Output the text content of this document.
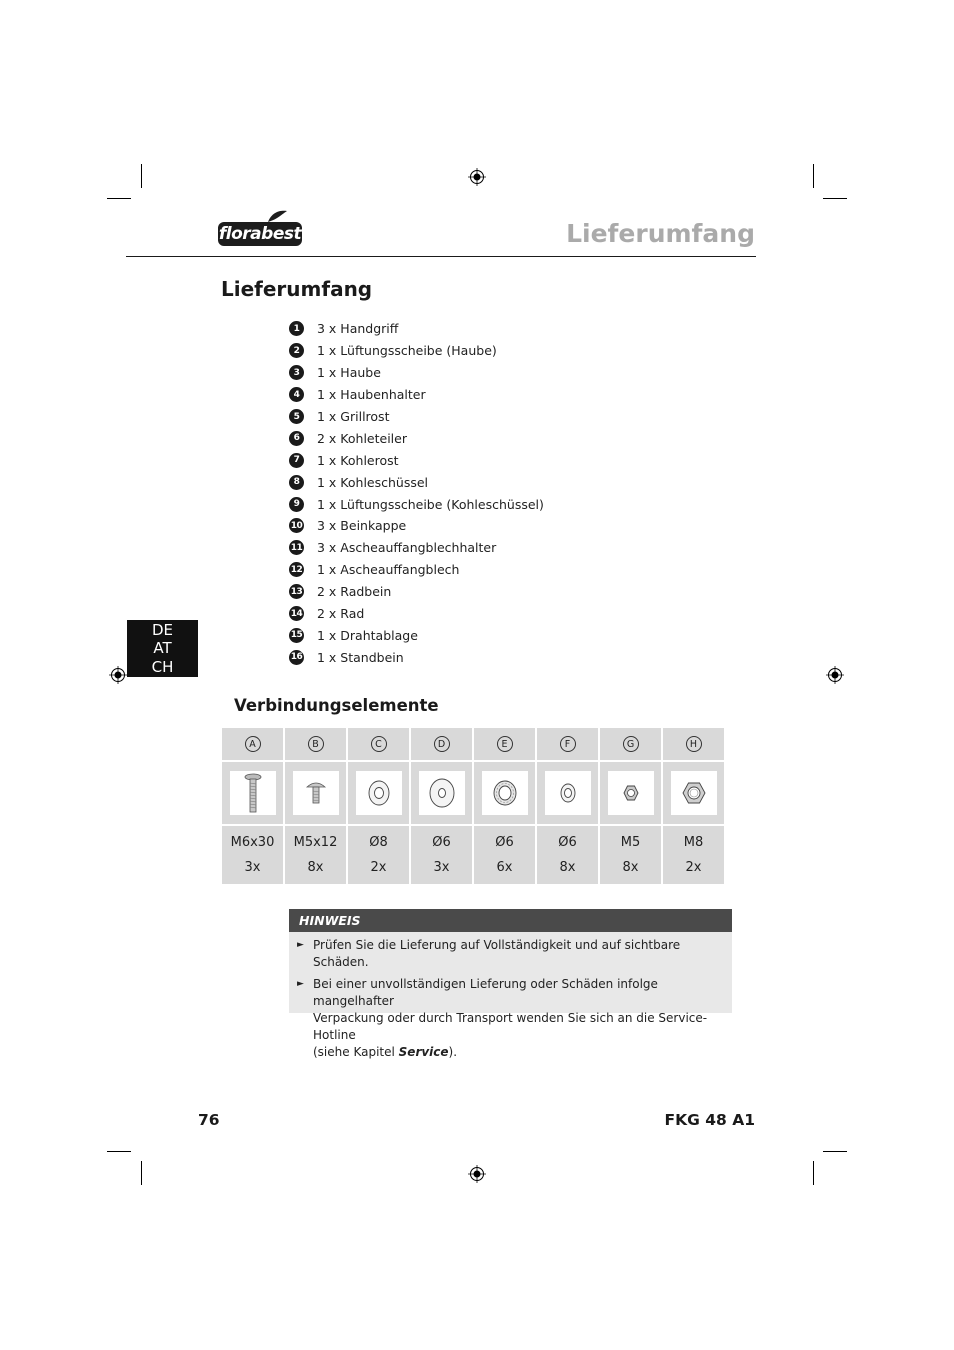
florabest	Lieferumfang
Lieferumfang
1	3 x Handgriff
2	1 x Lüftungsscheibe (Haube)
3	1 x Haube
4	1 x Haubenhalter
5	1 x Grillrost
6	2 x Kohleteiler
7	1 x Kohlerost
8	1 x Kohleschüssel
9	1 x Lüftungsscheibe (Kohleschüssel)
10 3 x Beinkappe
11 3 x Ascheauffangblechhalter
12 1 x Ascheauffangblech
13 2 x Radbein
14 2 x Rad
15 1 x Drahtablage
16 1 x Standbein
DE
AT
CH
Verbindungselemente
A	B	C	D	E	F	G	H

M6x30	M5x12	Ø8	Ø6	Ø6	Ø6	M5	M8
3x	8x	2x	3x	6x	8x	8x	2x
HINWEIS
► Prüfen Sie die Lieferung auf Vollständigkeit und auf sichtbare Schäden.
► Bei einer unvollständigen Lieferung oder Schäden infolge mangelhafter
Verpackung oder durch Transport wenden Sie sich an die Service-Hotline
(siehe Kapitel Service).
76	FKG 48 A1
